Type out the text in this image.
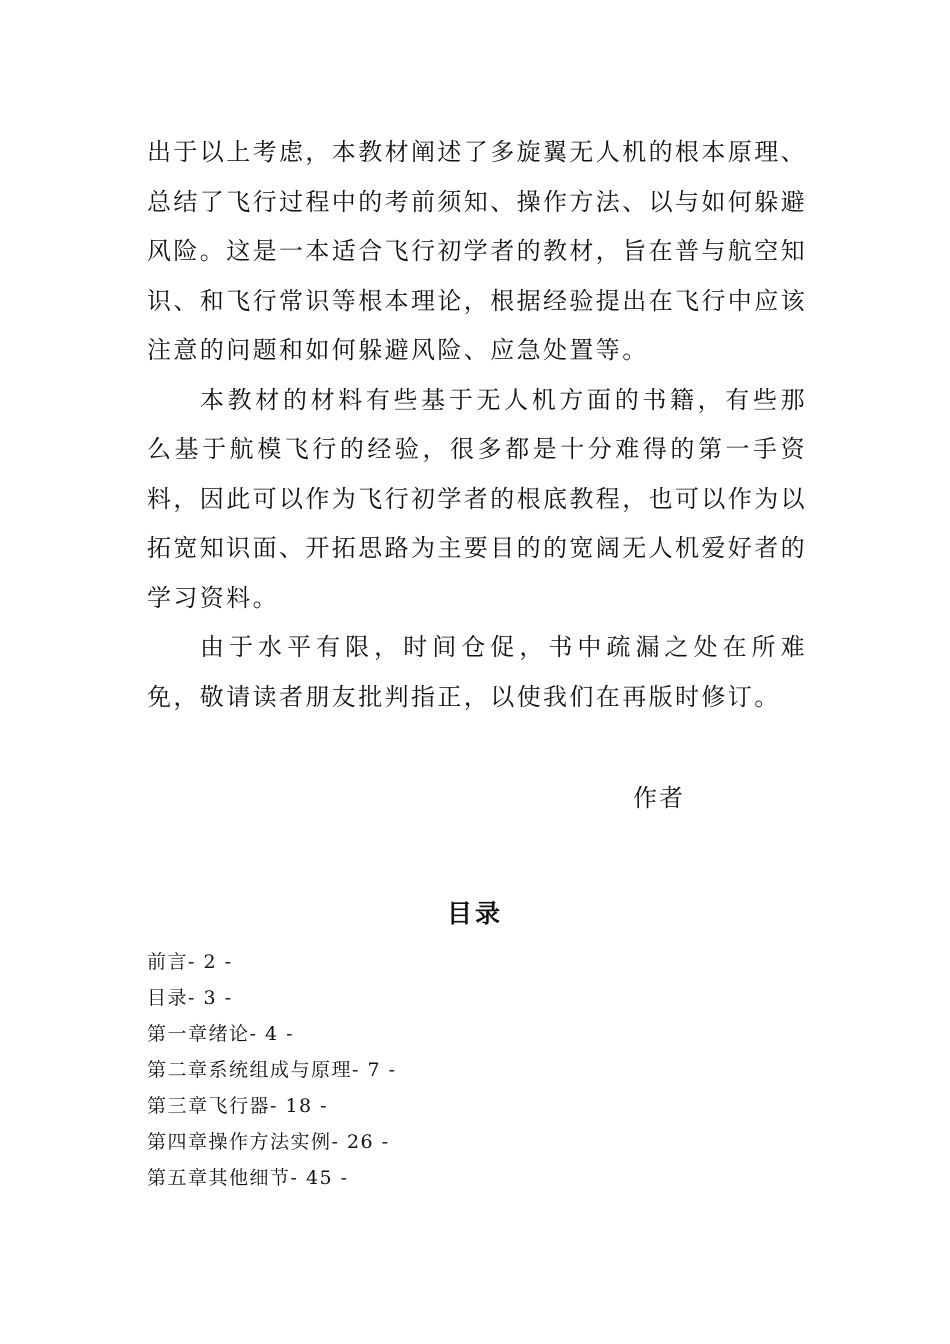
出于以上考虑，本教材阐述了多旋翼无人机的根本原理、总结了飞行过程中的考前须知、操作方法、以与如何躲避风险。这是一本适合飞行初学者的教材，旨在普与航空知识、和飞行常识等根本理论，根据经验提出在飞行中应该注意的问题和如何躲避风险、应急处置等。

本教材的材料有些基于无人机方面的书籍，有些那么基于航模飞行的经验，很多都是十分难得的第一手资料，因此可以作为飞行初学者的根底教程，也可以作为以拓宽知识面、开拓思路为主要目的的宽阔无人机爱好者的学习资料。

由于水平有限，时间仓促，书中疏漏之处在所难免，敬请读者朋友批判指正，以使我们在再版时修订。

作者
目录
前言- 2 -
目录- 3 -
第一章绪论- 4 -
第二章系统组成与原理- 7 -
第三章飞行器- 18 -
第四章操作方法实例- 26 -
第五章其他细节- 45 -
